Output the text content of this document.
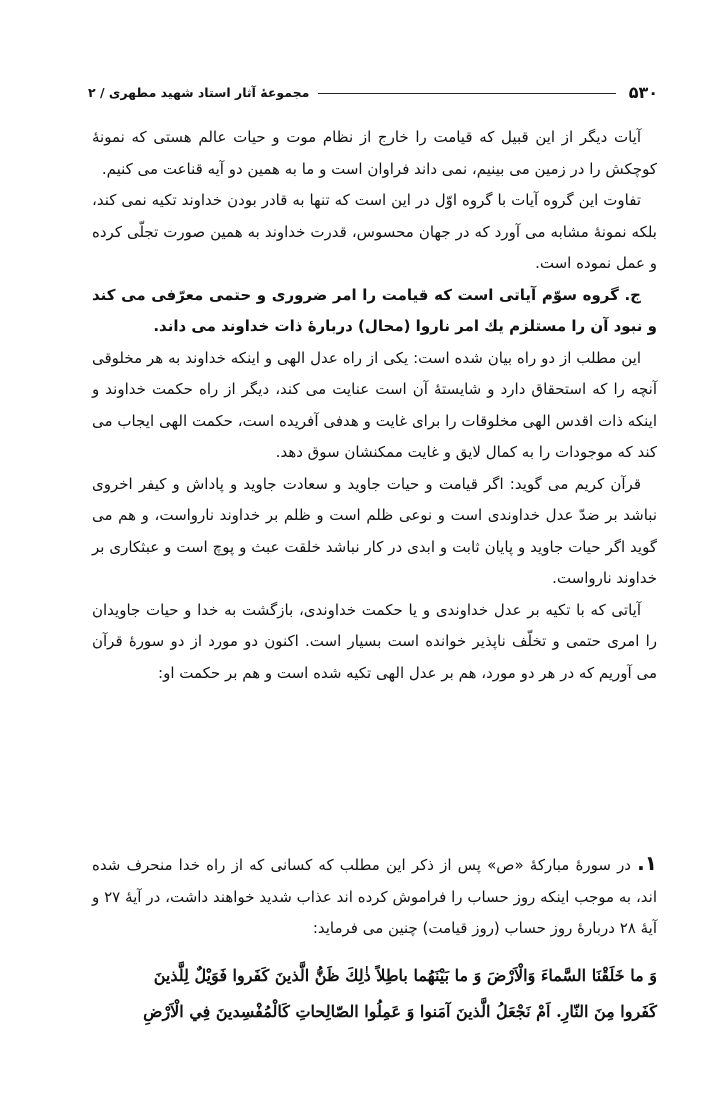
۵۳۰
مجموعهٔ آثار استاد شهید مطهری / ۲

آیات دیگر از این قبیل که قیامت را خارج از نظام موت و حیات عالم هستی که نمونهٔ کوچکش را در زمین می بینیم، نمی داند فراوان است و ما به همین دو آیه قناعت می کنیم.

تفاوت این گروه آیات با گروه اوّل در این است که تنها به قادر بودن خداوند تکیه نمی کند، بلکه نمونهٔ مشابه می آورد که در جهان محسوس، قدرت خداوند به همین صورت تجلّی کرده و عمل نموده است.

ج. گروه سوّم آیاتی است که قیامت را امر ضروری و حتمی معرّفی می کند و نبود آن را مستلزم یك امر ناروا (محال) دربارهٔ ذات خداوند می داند.

این مطلب از دو راه بیان شده است: یکی از راه عدل الهی و اینکه خداوند به هر مخلوقی آنچه را که استحقاق دارد و شایستهٔ آن است عنایت می کند، دیگر از راه حکمت خداوند و اینکه ذات اقدس الهی مخلوقات را برای غایت و هدفی آفریده است، حکمت الهی ایجاب می کند که موجودات را به کمال لایق و غایت ممکنشان سوق دهد.

قرآن کریم می گوید: اگر قیامت و حیات جاوید و سعادت جاوید و پاداش و کیفر اخروی نباشد بر ضدّ عدل خداوندی است و نوعی ظلم است و ظلم بر خداوند نارواست، و هم می گوید اگر حیات جاوید و پایان ثابت و ابدی در کار نباشد خلقت عبث و پوچ است و عبثکاری بر خداوند نارواست.

آیاتی که با تکیه بر عدل خداوندی و یا حکمت خداوندی، بازگشت به خدا و حیات جاویدان را امری حتمی و تخلّف ناپذیر خوانده است بسیار است. اکنون دو مورد از دو سورهٔ قرآن می آوریم که در هر دو مورد، هم بر عدل الهی تکیه شده است و هم بر حکمت او:

۱. در سورهٔ مبارکهٔ «ص» پس از ذکر این مطلب که کسانی که از راه خدا منحرف شده اند، به موجب اینکه روز حساب را فراموش کرده اند عذاب شدید خواهند داشت، در آیهٔ ۲۷ و آیهٔ ۲۸ دربارهٔ روز حساب (روز قیامت) چنین می فرماید:

وَ ما خَلَقْنَا السَّماءَ وَالْاَرْضَ وَ ما بَيْنَهُما باطِلاً ذٰلِكَ ظَنُّ الَّذينَ كَفَروا فَوَيْلٌ لِلَّذينَ

كَفَروا مِنَ النّارِ. اَمْ نَجْعَلُ الَّذينَ آمَنوا وَ عَمِلُوا الصّالِحاتِ كَالْمُفْسِدينَ فِي الْاَرْضِ
